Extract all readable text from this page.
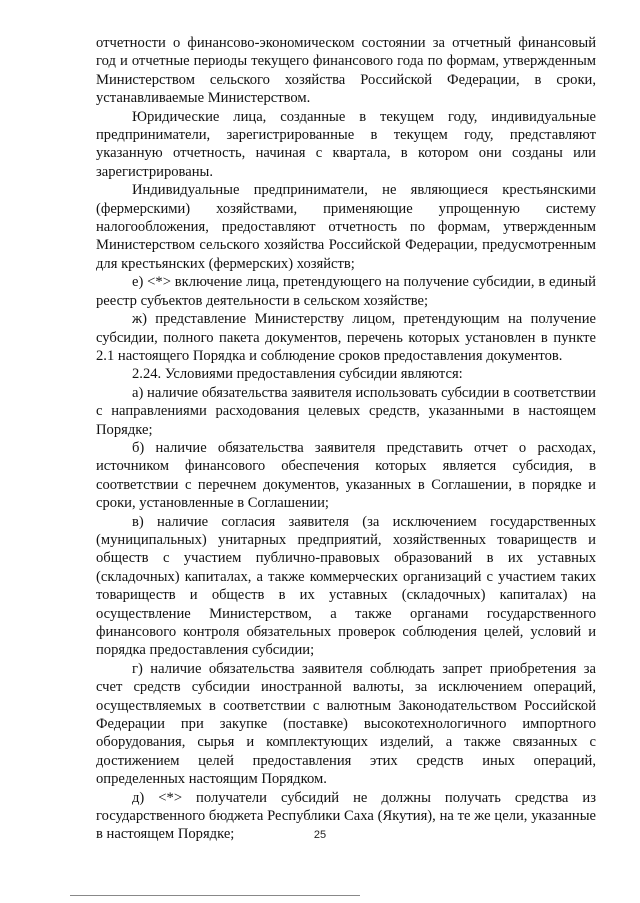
отчетности о финансово-экономическом состоянии за отчетный финансовый год и отчетные периоды текущего финансового года по формам, утвержденным Министерством сельского хозяйства Российской Федерации, в сроки, устанавливаемые Министерством.

Юридические лица, созданные в текущем году, индивидуальные предприниматели, зарегистрированные в текущем году, представляют указанную отчетность, начиная с квартала, в котором они созданы или зарегистрированы.

Индивидуальные предприниматели, не являющиеся крестьянскими (фермерскими) хозяйствами, применяющие упрощенную систему налогообложения, предоставляют отчетность по формам, утвержденным Министерством сельского хозяйства Российской Федерации, предусмотренным для крестьянских (фермерских) хозяйств;

е) <*> включение лица, претендующего на получение субсидии, в единый реестр субъектов деятельности в сельском хозяйстве;

ж) представление Министерству лицом, претендующим на получение субсидии, полного пакета документов, перечень которых установлен в пункте 2.1 настоящего Порядка и соблюдение сроков предоставления документов.

2.24. Условиями предоставления субсидии являются:

а) наличие обязательства заявителя использовать субсидии в соответствии с направлениями расходования целевых средств, указанными в настоящем Порядке;

б) наличие обязательства заявителя представить отчет о расходах, источником финансового обеспечения которых является субсидия, в соответствии с перечнем документов, указанных в Соглашении, в порядке и сроки, установленные в Соглашении;

в) наличие согласия заявителя (за исключением государственных (муниципальных) унитарных предприятий, хозяйственных товариществ и обществ с участием публично-правовых образований в их уставных (складочных) капиталах, а также коммерческих организаций с участием таких товариществ и обществ в их уставных (складочных) капиталах) на осуществление Министерством, а также органами государственного финансового контроля обязательных проверок соблюдения целей, условий и порядка предоставления субсидии;

г) наличие обязательства заявителя соблюдать запрет приобретения за счет средств субсидии иностранной валюты, за исключением операций, осуществляемых в соответствии с валютным Законодательством Российской Федерации при закупке (поставке) высокотехнологичного импортного оборудования, сырья и комплектующих изделий, а также связанных с достижением целей предоставления этих средств иных операций, определенных настоящим Порядком.

д) <*> получатели субсидий не должны получать средства из государственного бюджета Республики Саха (Якутия), на те же цели, указанные в настоящем Порядке;	25
